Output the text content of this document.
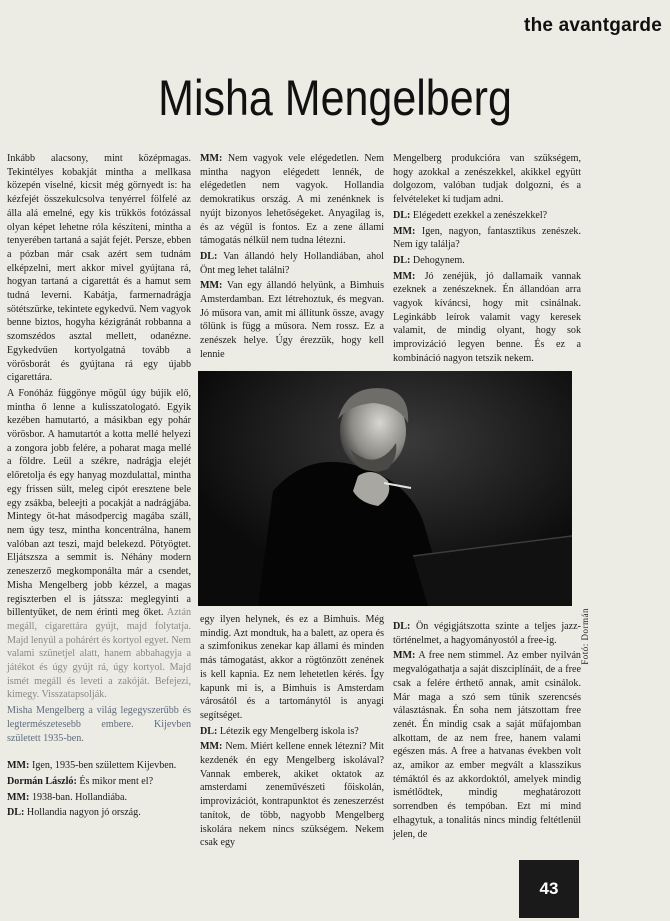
the avantgarde
Misha Mengelberg

Inkább alacsony, mint középmagas. Tekintélyes kobakját mintha a mellkasa közepén viselné, kicsit még görnyedt is: ha kézfejét összekulcsolva tenyérrel fölfelé az álla alá emelné, egy kis trükkös fotózással olyan képet lehetne róla készíteni, mintha a tenyerében tartaná a saját fejét. Persze, ebben a pózban már csak azért sem tudnám elképzelni, mert akkor mivel gyújtana rá, hogyan tartaná a cigarettát és a hamut sem tudná leverni. Kabátja, farmernadrágja sötétszürke, tekintete egykedvű. Nem vagyok benne biztos, hogyha kézigránát robbanna a szomszédos asztal mellett, odanézne. Egykedvűen kortyolgatná tovább a vörösborát és gyújtana rá egy újabb cigarettára.

A Fonóház függönye mögül úgy bújik elő, mintha ő lenne a kulisszatologató. Egyik kezében hamutartó, a másikban egy pohár vörösbor. A hamutartót a kotta mellé helyezi a zongora jobb felére, a poharat maga mellé a földre. Leül a székre, nadrágja elejét előretolja és egy hanyag mozdulattal, mintha egy frissen sült, meleg cipót eresztene bele egy zsákba, beleejti a pocakját a nadrágjába. Mintegy öt-hat másodpercig magába száll, nem úgy tesz, mintha koncentrálna, hanem valóban azt teszi, majd belekezd. Pötyögtet. Eljátszsza a semmit is. Néhány modern zeneszerző megkomponálta már a csendet, Misha Mengelberg jobb kézzel, a magas regiszterben el is játssza: meglegyinti a billentyűket, de nem érinti meg őket. Aztán megáll, cigarettára gyújt, majd folytatja. Majd lenyúl a pohárért és kortyol egyet. Nem valami szünetjel alatt, hanem abbahagyja a játékot és úgy gyújt rá, úgy kortyol. Majd ismét megáll és leveti a zakóját. Befejezi, kimegy. Visszatapsolják.

Misha Mengelberg a világ legegyszerűbb és legtermészetesebb embere. Kijevben született 1935-ben.

MM: Igen, 1935-ben születtem Kijevben.

Dormán László: És mikor ment el?

MM: 1938-ban. Hollandiába.

DL: Hollandia nagyon jó ország.

MM: Nem vagyok vele elégedetlen. Nem mintha nagyon elégedett lennék, de elégedetlen nem vagyok. Hollandia demokratikus ország. A mi zenénknek is nyújt bizonyos lehetőségeket. Anyagilag is, és az végül is fontos. Ez a zene állami támogatás nélkül nem tudna létezni.

DL: Van állandó hely Hollandiában, ahol Önt meg lehet találni?

MM: Van egy állandó helyünk, a Bimhuis Amsterdamban. Ezt létrehoztuk, és megvan. Jó műsora van, amit mi állítunk össze, avagy tőlünk is függ a műsora. Nem rossz. Ez a zenészek helye. Úgy érezzük, hogy kell lennie

Mengelberg produkcióra van szükségem, hogy azokkal a zenészekkel, akikkel együtt dolgozom, valóban tudjak dolgozni, és a felvételeket ki tudjam adni.

DL: Elégedett ezekkel a zenészekkel?

MM: Igen, nagyon, fantasztikus zenészek. Nem így találja?

DL: Dehogynem.

MM: Jó zenéjük, jó dallamaik vannak ezeknek a zenészeknek. Én állandóan arra vagyok kíváncsi, hogy mit csinálnak. Leginkább leírok valamit vagy keresek valamit, de mindig olyant, hogy sok improvizáció legyen benne. És ez a kombináció nagyon tetszik nekem.

Fotó: Dormán

egy ilyen helynek, és ez a Bimhuis. Még mindig. Azt mondtuk, ha a balett, az opera és a szimfonikus zenekar kap állami és minden más támogatást, akkor a rögtönzött zenének is kell kapnia. Ez nem lehetetlen kérés. Így kapunk mi is, a Bimhuis is Amsterdam városától és a tartománytól is anyagi segítséget.

DL: Létezik egy Mengelberg iskola is?

MM: Nem. Miért kellene ennek létezni? Mit kezdenék én egy Mengelberg iskolával? Vannak emberek, akiket oktatok az amsterdami zeneművészeti főiskolán, improvizációt, kontrapunktot és zeneszerzést tanítok, de több, nagyobb Mengelberg iskolára nekem nincs szükségem. Nekem csak egy

DL: Ön végigjátszotta szinte a teljes jazz-történelmet, a hagyományostól a free-ig.

MM: A free nem stimmel. Az ember nyilván megvalógathatja a saját diszciplínáit, de a free csak a felére érthető annak, amit csinálok. Már maga a szó sem tűnik szerencsés választásnak. Én soha nem játszottam free zenét. Én mindig csak a saját műfajomban alkottam, de az nem free, hanem valami egészen más. A free a hatvanas években volt az, amikor az ember megvált a klasszikus témáktól és az akkordoktól, amelyek mindig ismétlődtek, mindig meghatározott sorrendben és tempóban. Ezt mi mind elhagytuk, a tonalitás nincs mindig feltétlenül jelen, de

43
